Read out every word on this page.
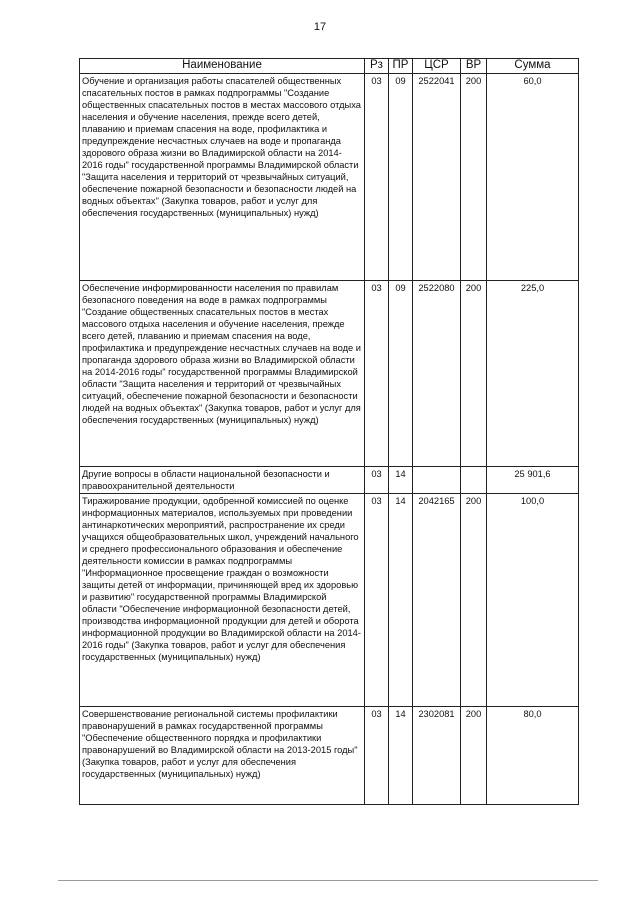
17
Наименование	Рз	ПР	ЦСР	ВР	Сумма
Обучение и организация работы спасателей общественных спасательных постов в рамках подпрограммы "Создание общественных спасательных постов в местах массового отдыха населения и обучение населения, прежде всего детей, плаванию и приемам спасения на воде, профилактика и предупреждение несчастных случаев на воде и пропаганда здорового образа жизни во Владимирской области на 2014-2016 годы" государственной программы Владимирской области "Защита населения и территорий от чрезвычайных ситуаций, обеспечение пожарной безопасности и безопасности людей на водных объектах" (Закупка товаров, работ и услуг для обеспечения государственных (муниципальных) нужд)	03	09	2522041	200	60,0
Обеспечение информированности населения по правилам безопасного поведения на воде в рамках подпрограммы "Создание общественных спасательных постов в местах массового отдыха населения и обучение населения, прежде всего детей, плаванию и приемам спасения на воде, профилактика и предупреждение несчастных случаев на воде и пропаганда здорового образа жизни во Владимирской области на 2014-2016 годы" государственной программы Владимирской области "Защита населения и территорий от чрезвычайных ситуаций, обеспечение пожарной безопасности и безопасности людей на водных объектах" (Закупка товаров, работ и услуг для обеспечения государственных (муниципальных) нужд)	03	09	2522080	200	225,0
Другие вопросы в области национальной безопасности и правоохранительной деятельности	03	14			25 901,6
Тиражирование продукции, одобренной комиссией по оценке информационных материалов, используемых при проведении антинаркотических мероприятий, распространение их среди учащихся общеобразовательных школ, учреждений начального и среднего профессионального образования и обеспечение деятельности комиссии в рамках подпрограммы "Информационное просвещение граждан о возможности защиты детей от информации, причиняющей вред их здоровью и развитию" государственной программы Владимирской области "Обеспечение информационной безопасности детей, производства информационной продукции для детей и оборота информационной продукции во Владимирской области на 2014-2016 годы" (Закупка товаров, работ и услуг для обеспечения государственных (муниципальных) нужд)	03	14	2042165	200	100,0
Совершенствование региональной системы профилактики правонарушений в рамках государственной программы "Обеспечение общественного порядка и профилактики правонарушений во Владимирской области на 2013-2015 годы" (Закупка товаров, работ и услуг для обеспечения государственных (муниципальных) нужд)	03	14	2302081	200	80,0
